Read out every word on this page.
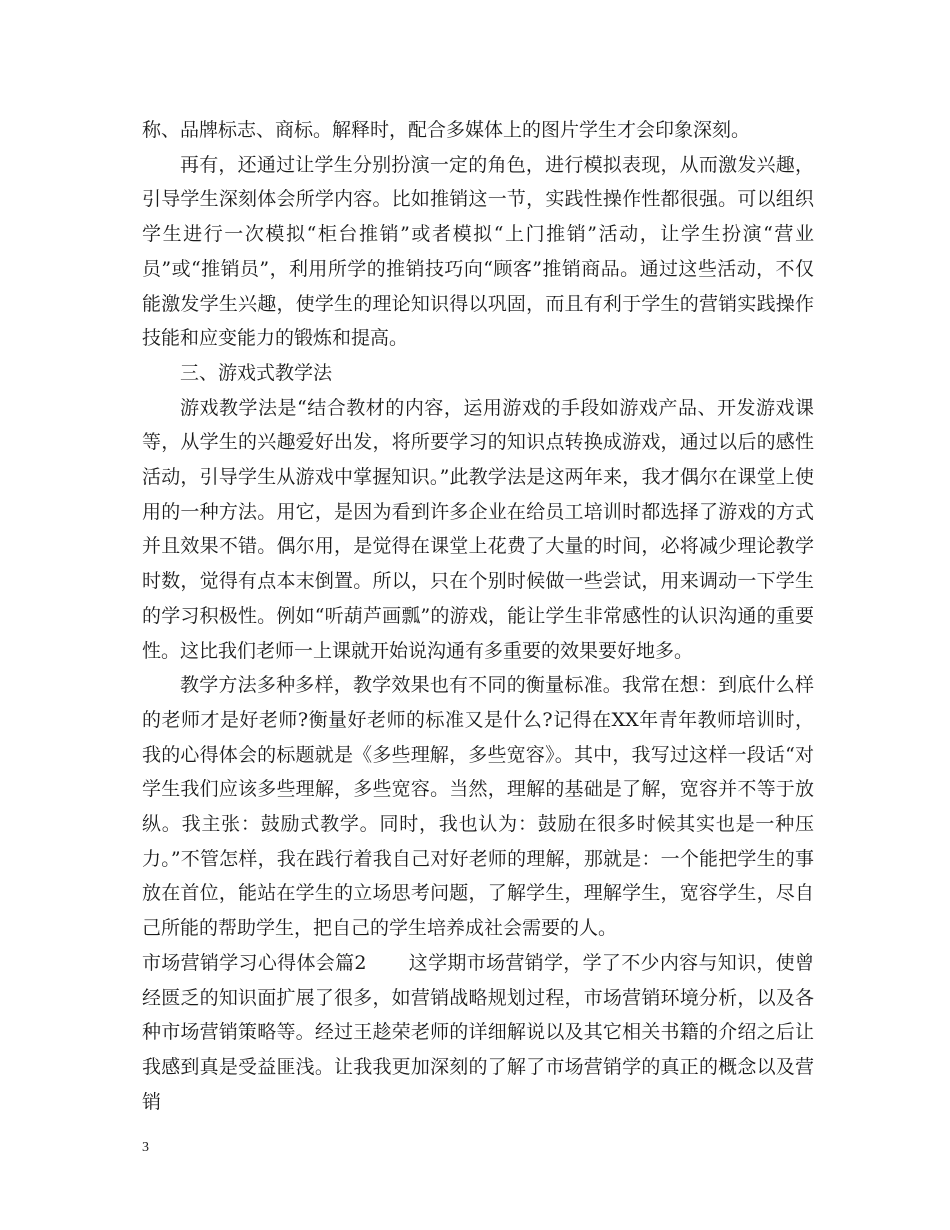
称、品牌标志、商标。解释时，配合多媒体上的图片学生才会印象深刻。

再有，还通过让学生分别扮演一定的角色，进行模拟表现，从而激发兴趣，引导学生深刻体会所学内容。比如推销这一节，实践性操作性都很强。可以组织学生进行一次模拟“柜台推销”或者模拟“上门推销”活动，让学生扮演“营业员”或“推销员”，利用所学的推销技巧向“顾客”推销商品。通过这些活动，不仅能激发学生兴趣，使学生的理论知识得以巩固，而且有利于学生的营销实践操作技能和应变能力的锻炼和提高。

三、游戏式教学法

游戏教学法是“结合教材的内容，运用游戏的手段如游戏产品、开发游戏课等，从学生的兴趣爱好出发，将所要学习的知识点转换成游戏，通过以后的感性活动，引导学生从游戏中掌握知识。”此教学法是这两年来，我才偶尔在课堂上使用的一种方法。用它，是因为看到许多企业在给员工培训时都选择了游戏的方式并且效果不错。偶尔用，是觉得在课堂上花费了大量的时间，必将减少理论教学时数，觉得有点本末倒置。所以，只在个别时候做一些尝试，用来调动一下学生的学习积极性。例如“听葫芦画瓢”的游戏，能让学生非常感性的认识沟通的重要性。这比我们老师一上课就开始说沟通有多重要的效果要好地多。

教学方法多种多样，教学效果也有不同的衡量标准。我常在想：到底什么样的老师才是好老师?衡量好老师的标准又是什么?记得在XX年青年教师培训时，我的心得体会的标题就是《多些理解，多些宽容》。其中，我写过这样一段话“对学生我们应该多些理解，多些宽容。当然，理解的基础是了解，宽容并不等于放纵。我主张：鼓励式教学。同时，我也认为：鼓励在很多时候其实也是一种压力。”不管怎样，我在践行着我自己对好老师的理解，那就是：一个能把学生的事放在首位，能站在学生的立场思考问题，了解学生，理解学生，宽容学生，尽自己所能的帮助学生，把自己的学生培养成社会需要的人。

市场营销学习心得体会篇2 这学期市场营销学，学了不少内容与知识，使曾经匮乏的知识面扩展了很多，如营销战略规划过程，市场营销环境分析，以及各种市场营销策略等。经过王趁荣老师的详细解说以及其它相关书籍的介绍之后让我感到真是受益匪浅。让我我更加深刻的了解了市场营销学的真正的概念以及营销

3
